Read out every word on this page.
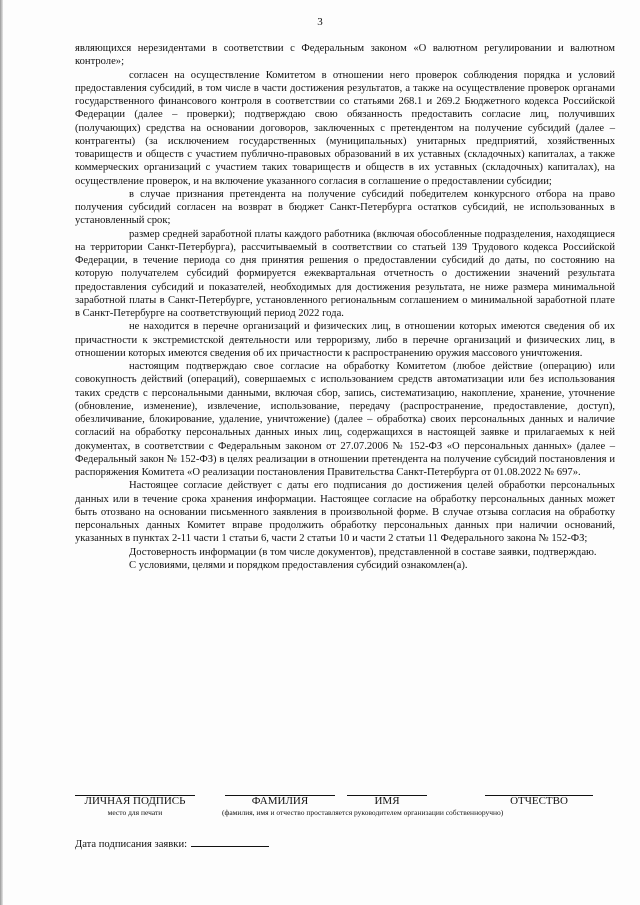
3

являющихся нерезидентами в соответствии с Федеральным законом «О валютном регулировании и валютном контроле»;

согласен на осуществление Комитетом в отношении него проверок соблюдения порядка и условий предоставления субсидий, в том числе в части достижения результатов, а также на осуществление проверок органами государственного финансового контроля в соответствии со статьями 268.1 и 269.2 Бюджетного кодекса Российской Федерации (далее – проверки); подтверждаю свою обязанность предоставить согласие лиц, получивших (получающих) средства на основании договоров, заключенных с претендентом на получение субсидий (далее – контрагенты) (за исключением государственных (муниципальных) унитарных предприятий, хозяйственных товариществ и обществ с участием публично-правовых образований в их уставных (складочных) капиталах, а также коммерческих организаций с участием таких товариществ и обществ в их уставных (складочных) капиталах), на осуществление проверок, и на включение указанного согласия в соглашение о предоставлении субсидии;

в случае признания претендента на получение субсидий победителем конкурсного отбора на право получения субсидий согласен на возврат в бюджет Санкт-Петербурга остатков субсидий, не использованных в установленный срок;

размер средней заработной платы каждого работника (включая обособленные подразделения, находящиеся на территории Санкт-Петербурга), рассчитываемый в соответствии со статьей 139 Трудового кодекса Российской Федерации, в течение периода со дня принятия решения о предоставлении субсидий до даты, по состоянию на которую получателем субсидий формируется ежеквартальная отчетность о достижении значений результата предоставления субсидий и показателей, необходимых для достижения результата, не ниже размера минимальной заработной платы в Санкт-Петербурге, установленного региональным соглашением о минимальной заработной плате в Санкт-Петербурге на соответствующий период 2022 года.

не находится в перечне организаций и физических лиц, в отношении которых имеются сведения об их причастности к экстремистской деятельности или терроризму, либо в перечне организаций и физических лиц, в отношении которых имеются сведения об их причастности к распространению оружия массового уничтожения.

настоящим подтверждаю свое согласие на обработку Комитетом (любое действие (операцию) или совокупность действий (операций), совершаемых с использованием средств автоматизации или без использования таких средств с персональными данными, включая сбор, запись, систематизацию, накопление, хранение, уточнение (обновление, изменение), извлечение, использование, передачу (распространение, предоставление, доступ), обезличивание, блокирование, удаление, уничтожение) (далее – обработка) своих персональных данных и наличие согласий на обработку персональных данных иных лиц, содержащихся в настоящей заявке и прилагаемых к ней документах, в соответствии с Федеральным законом от 27.07.2006 № 152-ФЗ «О персональных данных» (далее – Федеральный закон № 152-ФЗ) в целях реализации в отношении претендента на получение субсидий постановления и распоряжения Комитета «О реализации постановления Правительства Санкт-Петербурга от 01.08.2022 № 697».

Настоящее согласие действует с даты его подписания до достижения целей обработки персональных данных или в течение срока хранения информации. Настоящее согласие на обработку персональных данных может быть отозвано на основании письменного заявления в произвольной форме. В случае отзыва согласия на обработку персональных данных Комитет вправе продолжить обработку персональных данных при наличии оснований, указанных в пунктах 2-11 части 1 статьи 6, части 2 статьи 10 и части 2 статьи 11 Федерального закона № 152-ФЗ;

Достоверность информации (в том числе документов), представленной в составе заявки, подтверждаю.

С условиями, целями и порядком предоставления субсидий ознакомлен(а).

ЛИЧНАЯ ПОДПИСЬ
место для печати
ФАМИЛИЯ	ИМЯ	ОТЧЕСТВО
(фамилия, имя и отчество проставляется руководителем организации собственноручно)
Дата подписания заявки:
